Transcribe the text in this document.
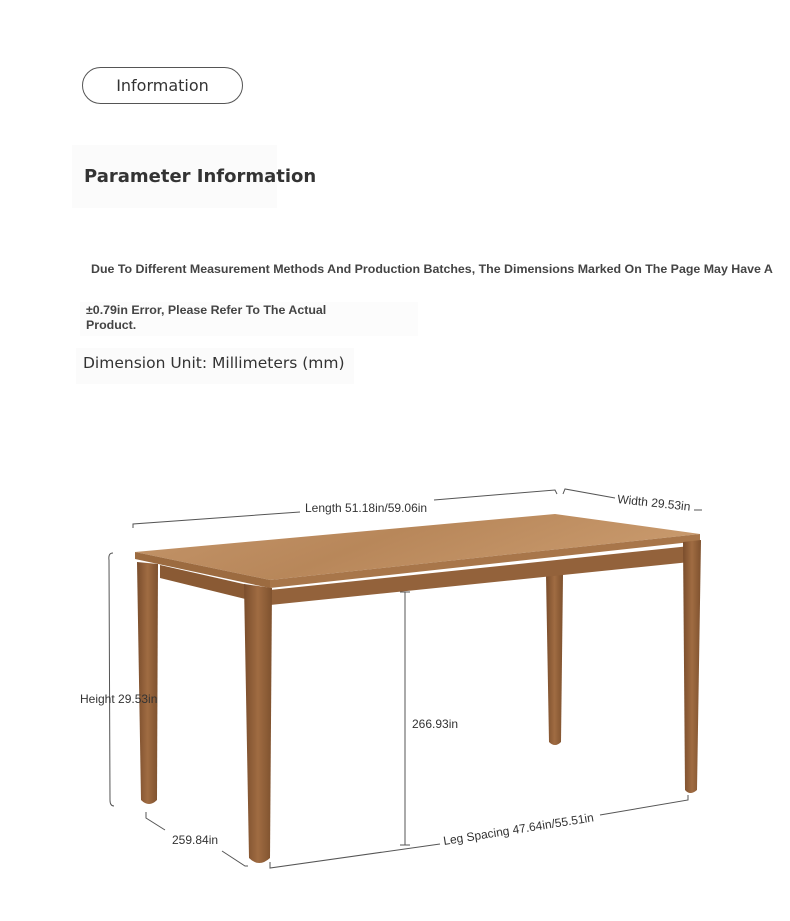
Information
Parameter Information
Due To Different Measurement Methods And Production Batches, The Dimensions Marked On The Page May Have A
±0.79in Error, Please Refer To The Actual Product.
Dimension Unit: Millimeters (mm)
Length 51.18in/59.06in	Width 29.53in
Height 29.53in
266.93in
259.84in	Leg Spacing 47.64in/55.51in
